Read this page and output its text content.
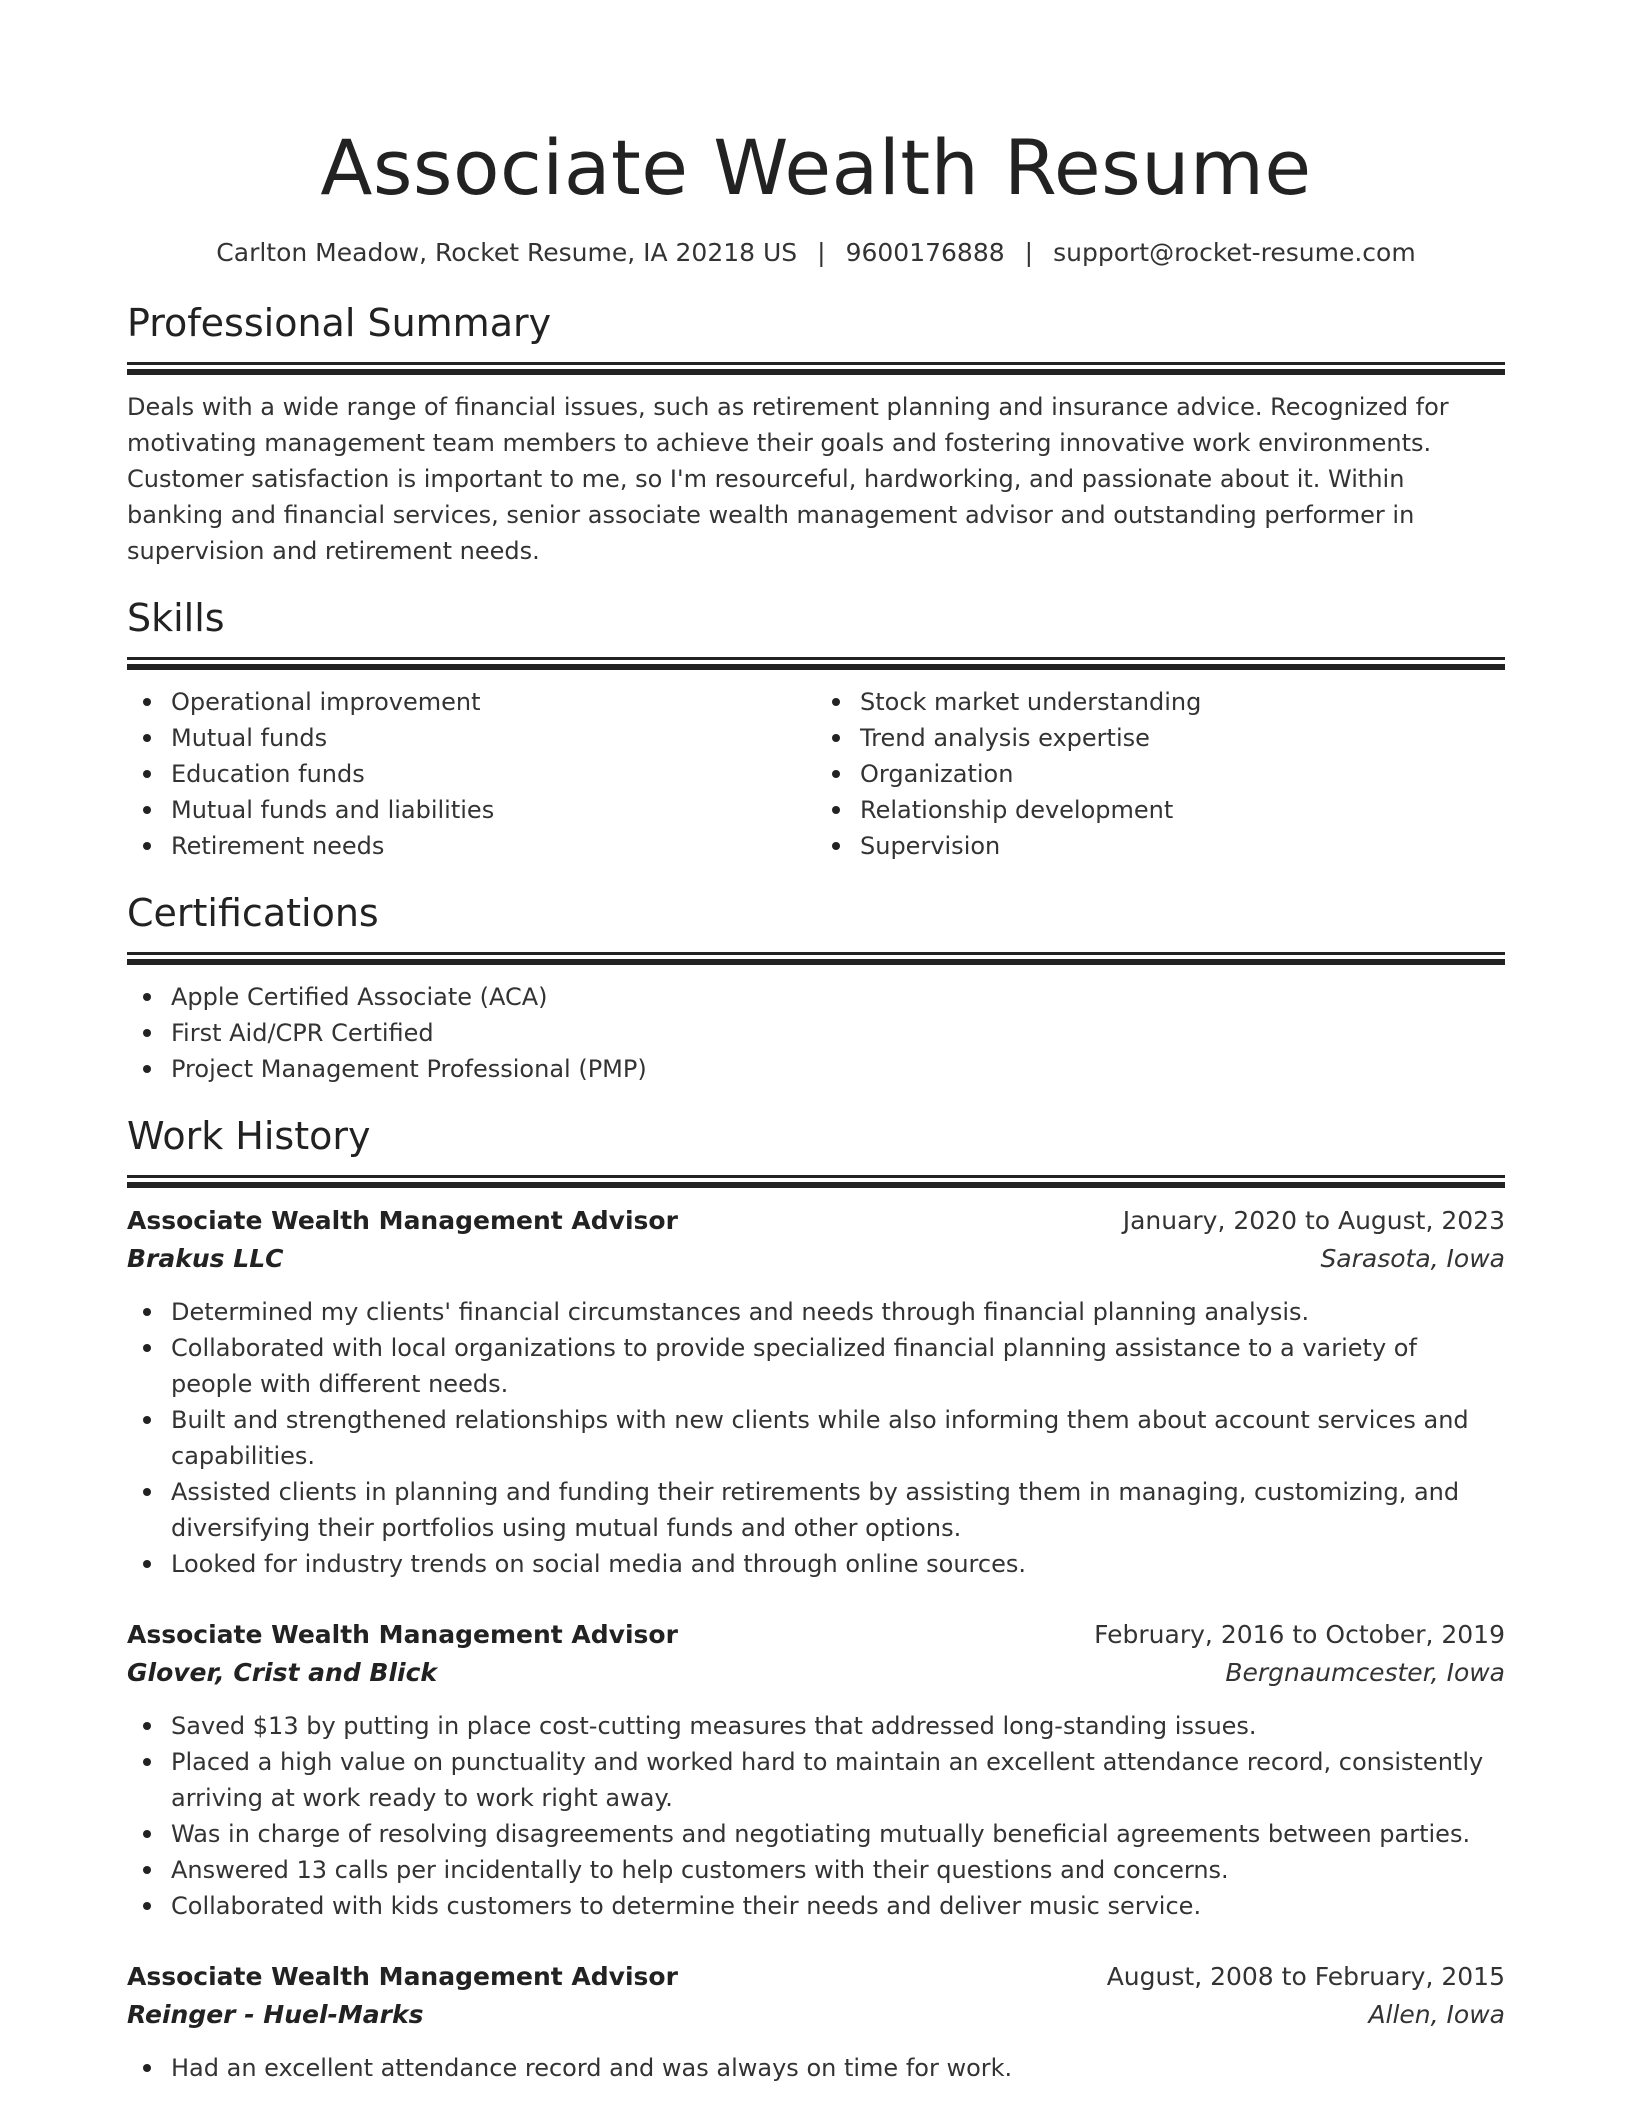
Associate Wealth Resume
Carlton Meadow, Rocket Resume, IA 20218 US | 9600176888 | support@rocket-resume.com
Professional Summary
Deals with a wide range of financial issues, such as retirement planning and insurance advice. Recognized for motivating management team members to achieve their goals and fostering innovative work environments. Customer satisfaction is important to me, so I'm resourceful, hardworking, and passionate about it. Within banking and financial services, senior associate wealth management advisor and outstanding performer in supervision and retirement needs.
Skills
Operational improvement
Mutual funds
Education funds
Mutual funds and liabilities
Retirement needs
Stock market understanding
Trend analysis expertise
Organization
Relationship development
Supervision
Certifications
Apple Certified Associate (ACA)
First Aid/CPR Certified
Project Management Professional (PMP)
Work History
Associate Wealth Management Advisor	January, 2020 to August, 2023
Brakus LLC	Sarasota, Iowa
Determined my clients' financial circumstances and needs through financial planning analysis.
Collaborated with local organizations to provide specialized financial planning assistance to a variety of people with different needs.
Built and strengthened relationships with new clients while also informing them about account services and capabilities.
Assisted clients in planning and funding their retirements by assisting them in managing, customizing, and diversifying their portfolios using mutual funds and other options.
Looked for industry trends on social media and through online sources.
Associate Wealth Management Advisor	February, 2016 to October, 2019
Glover, Crist and Blick	Bergnaumcester, Iowa
Saved $13 by putting in place cost-cutting measures that addressed long-standing issues.
Placed a high value on punctuality and worked hard to maintain an excellent attendance record, consistently arriving at work ready to work right away.
Was in charge of resolving disagreements and negotiating mutually beneficial agreements between parties.
Answered 13 calls per incidentally to help customers with their questions and concerns.
Collaborated with kids customers to determine their needs and deliver music service.
Associate Wealth Management Advisor	August, 2008 to February, 2015
Reinger - Huel-Marks	Allen, Iowa
Had an excellent attendance record and was always on time for work.
